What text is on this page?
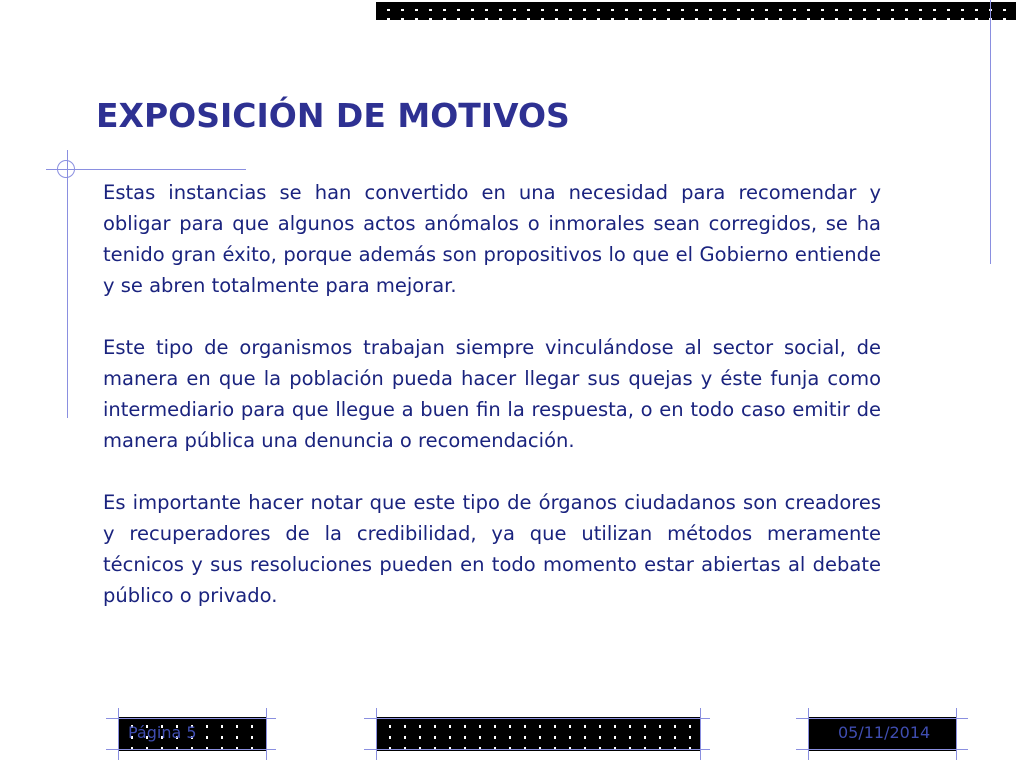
EXPOSICIÓN DE MOTIVOS

Estas instancias se han convertido en una necesidad para recomendar y obligar para que algunos actos anómalos o inmorales sean corregidos, se ha tenido gran éxito, porque además son propositivos lo que el Gobierno entiende y se abren totalmente para mejorar.

Este tipo de organismos trabajan siempre vinculándose al sector social, de manera en que la población pueda hacer llegar sus quejas y éste funja como intermediario para que llegue a buen fin la respuesta, o en todo caso emitir de manera pública una denuncia o recomendación.

Es importante hacer notar que este tipo de órganos ciudadanos son creadores y recuperadores de la credibilidad, ya que utilizan métodos meramente técnicos y sus resoluciones pueden en todo momento estar abiertas al debate público o privado.

Página 5	05/11/2014
